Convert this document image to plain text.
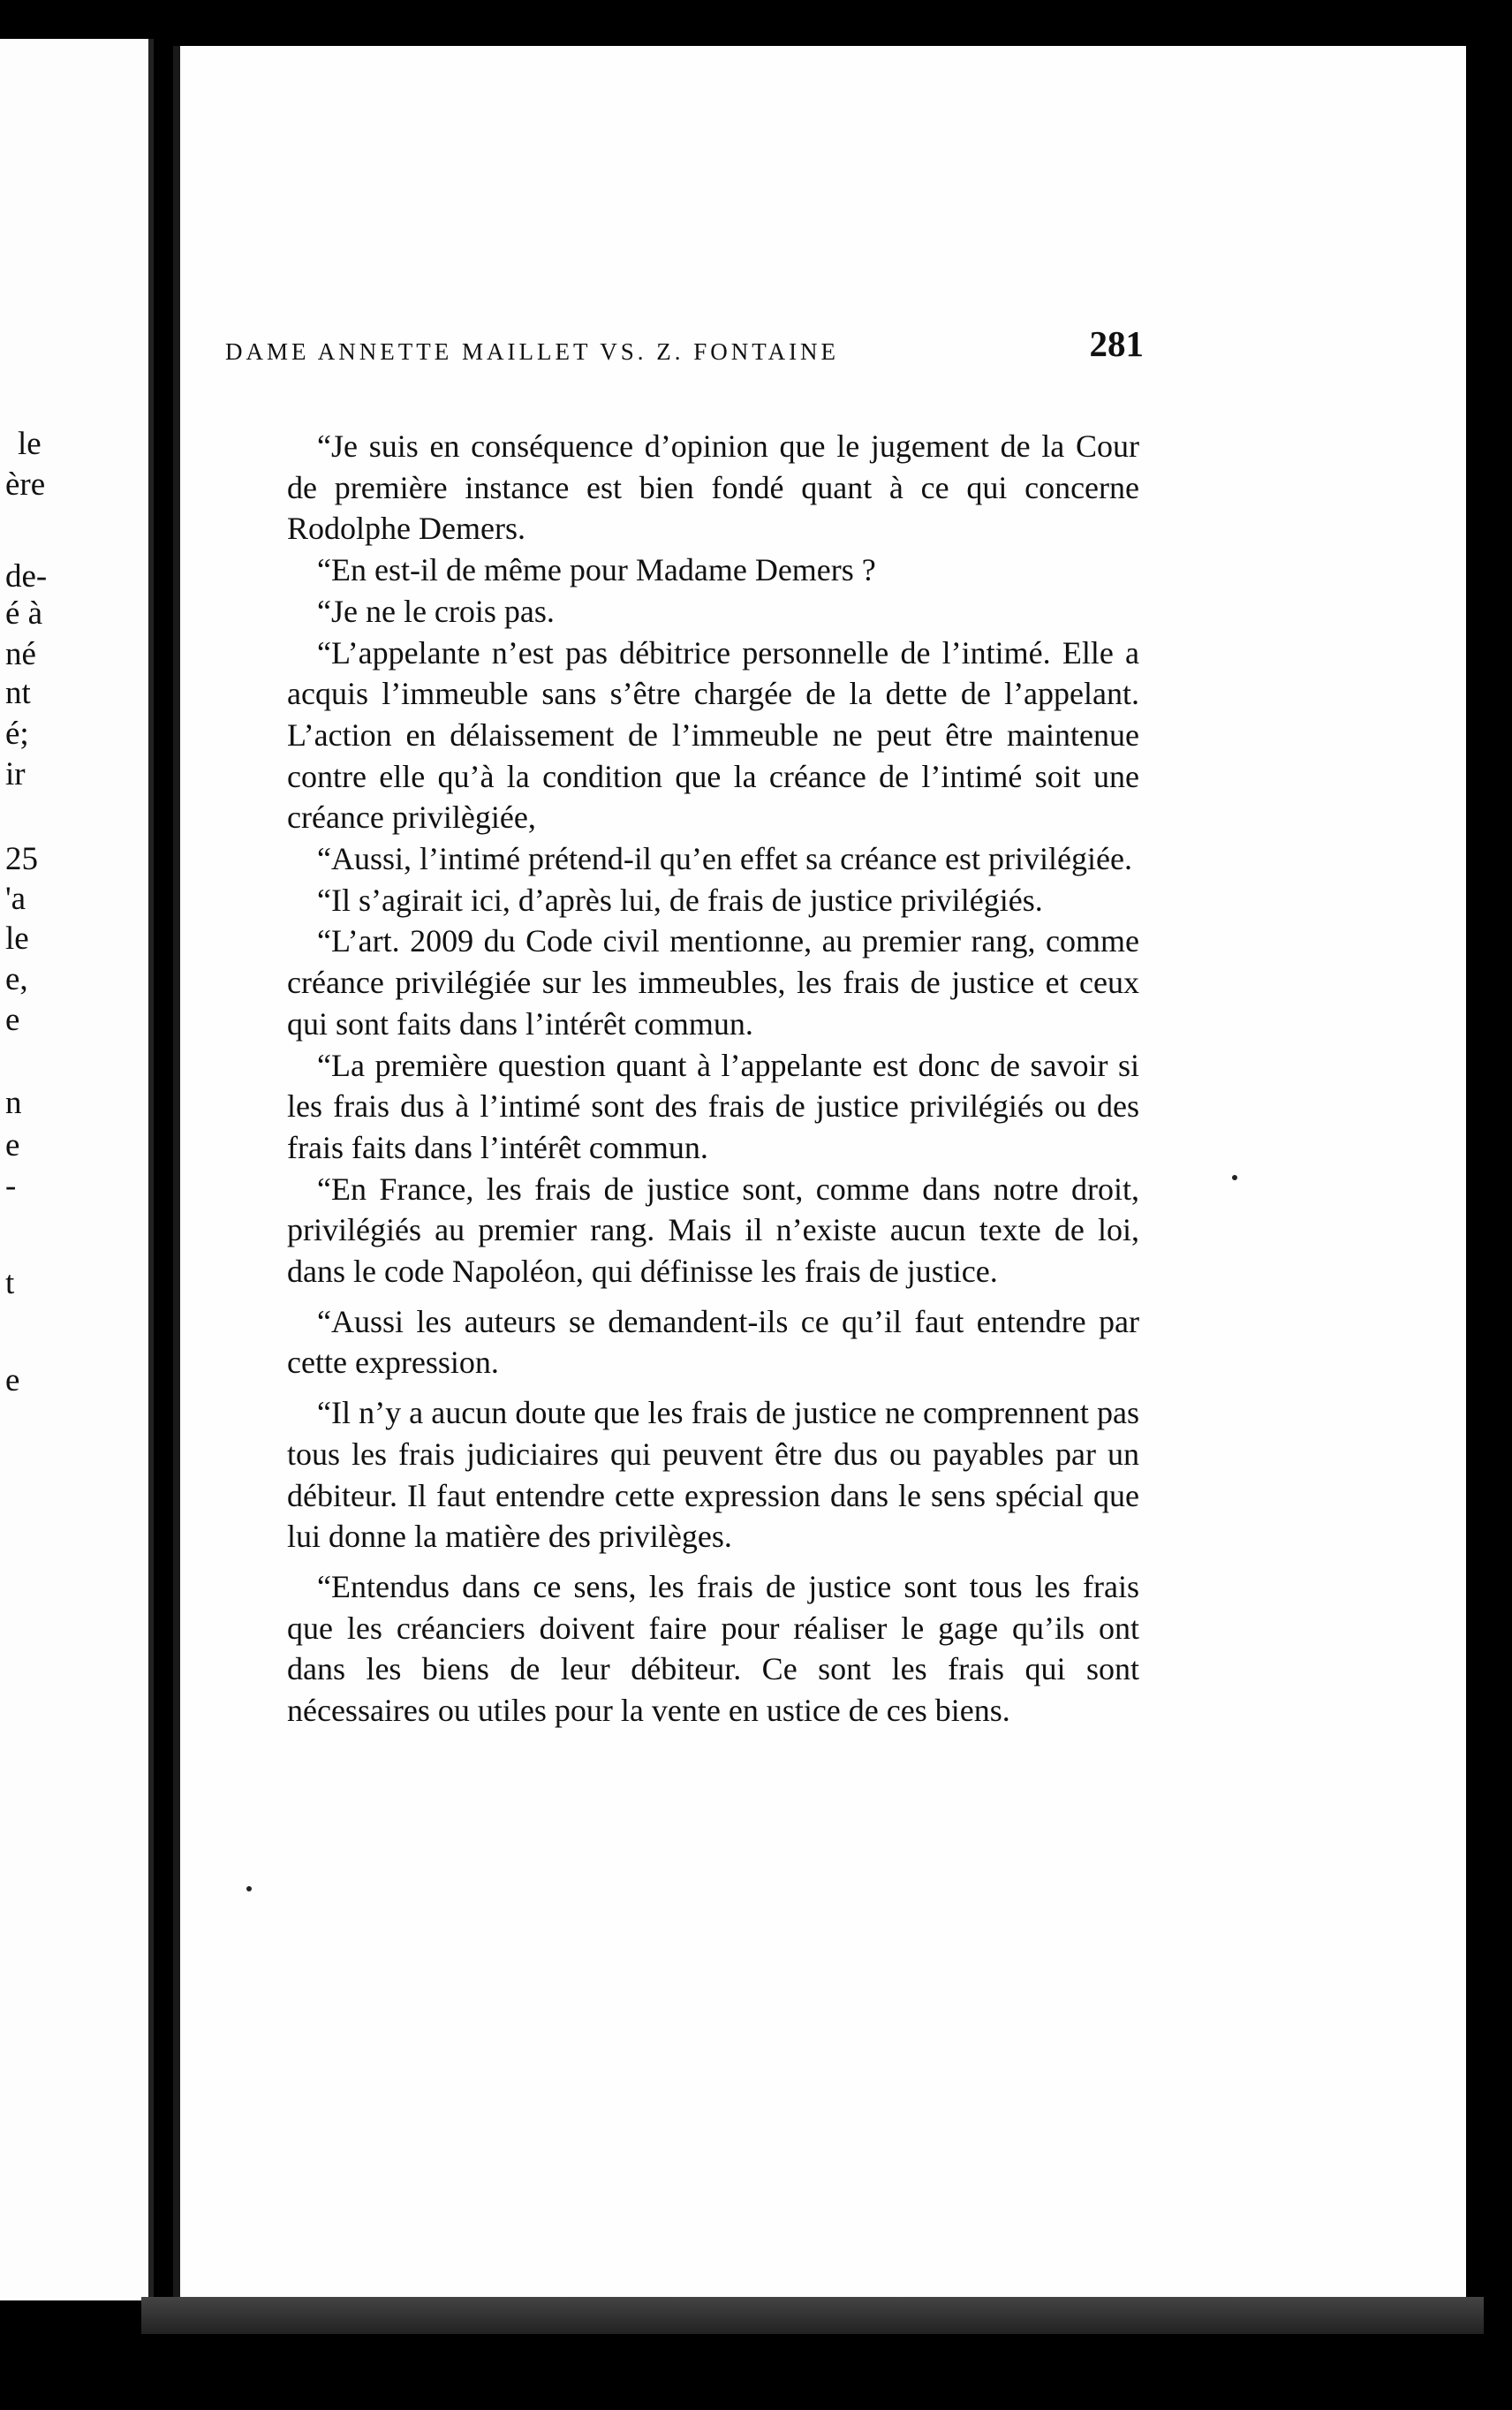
le
ère
de-
é à
né
nt
é;
ir
25
'a
le
e,
e
n
e
-
t
e
DAME ANNETTE MAILLET VS. Z. FONTAINE	281

“Je suis en conséquence d’opinion que le jugement de la Cour de première instance est bien fondé quant à ce qui concerne Rodolphe Demers.

“En est-il de même pour Madame Demers ?

“Je ne le crois pas.

“L’appelante n’est pas débitrice personnelle de l’intimé. Elle a acquis l’immeuble sans s’être chargée de la dette de l’appelant. L’action en délaissement de l’immeuble ne peut être maintenue contre elle qu’à la condition que la créance de l’intimé soit une créance privilègiée,

“Aussi, l’intimé prétend-il qu’en effet sa créance est privilégiée.

“Il s’agirait ici, d’après lui, de frais de justice privilégiés.

“L’art. 2009 du Code civil mentionne, au premier rang, comme créance privilégiée sur les immeubles, les frais de justice et ceux qui sont faits dans l’intérêt commun.

“La première question quant à l’appelante est donc de savoir si les frais dus à l’intimé sont des frais de justice privilégiés ou des frais faits dans l’intérêt commun.

“En France, les frais de justice sont, comme dans notre droit, privilégiés au premier rang. Mais il n’existe aucun texte de loi, dans le code Napoléon, qui définisse les frais de justice.

“Aussi les auteurs se demandent-ils ce qu’il faut entendre par cette expression.

“Il n’y a aucun doute que les frais de justice ne comprennent pas tous les frais judiciaires qui peuvent être dus ou payables par un débiteur. Il faut entendre cette expression dans le sens spécial que lui donne la matière des privilèges.

“Entendus dans ce sens, les frais de justice sont tous les frais que les créanciers doivent faire pour réaliser le gage qu’ils ont dans les biens de leur débiteur. Ce sont les frais qui sont nécessaires ou utiles pour la vente en ustice de ces biens.
